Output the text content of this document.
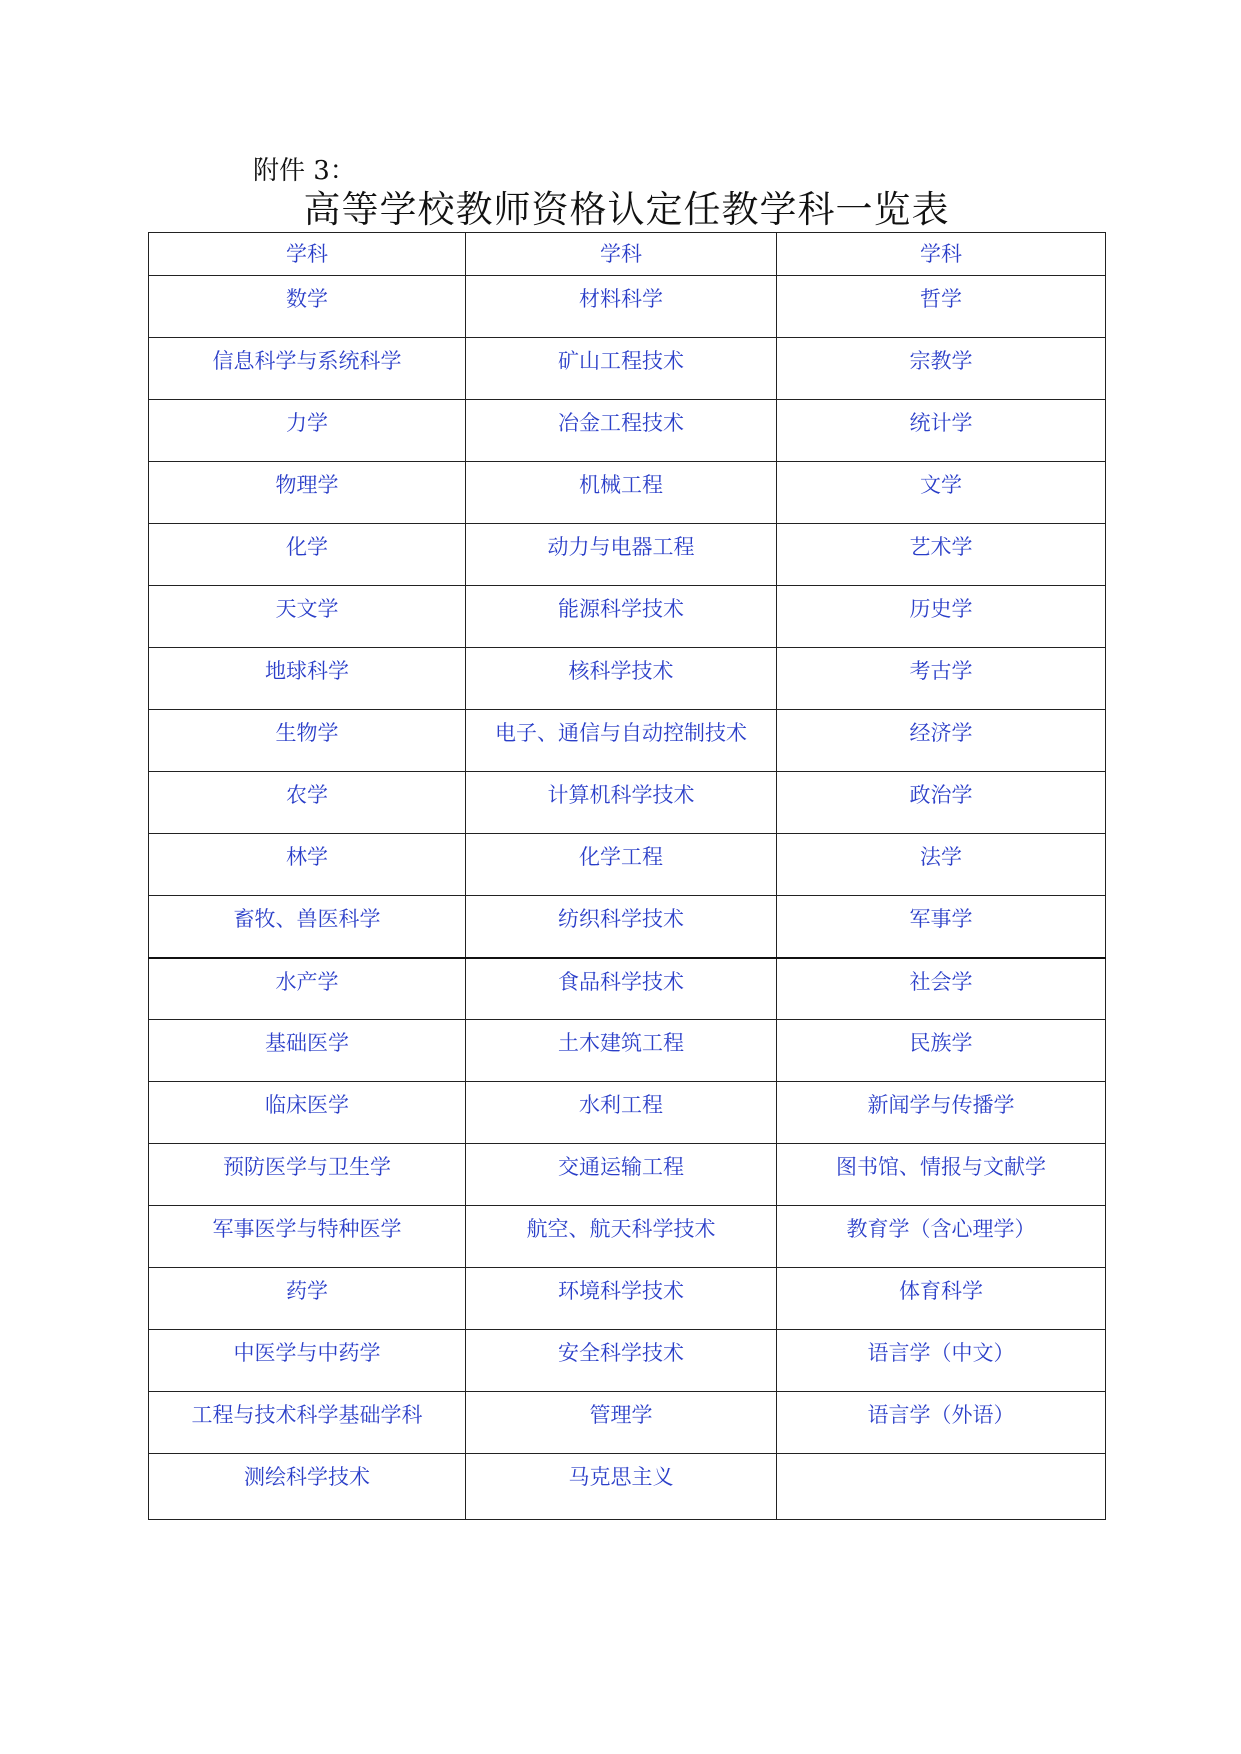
附件 3：
高等学校教师资格认定任教学科一览表
学科	学科	学科
数学	材料科学	哲学
信息科学与系统科学	矿山工程技术	宗教学
力学	冶金工程技术	统计学
物理学	机械工程	文学
化学	动力与电器工程	艺术学
天文学	能源科学技术	历史学
地球科学	核科学技术	考古学
生物学	电子、通信与自动控制技术	经济学
农学	计算机科学技术	政治学
林学	化学工程	法学
畜牧、兽医科学	纺织科学技术	军事学
水产学	食品科学技术	社会学
基础医学	土木建筑工程	民族学
临床医学	水利工程	新闻学与传播学
预防医学与卫生学	交通运输工程	图书馆、情报与文献学
军事医学与特种医学	航空、航天科学技术	教育学（含心理学）
药学	环境科学技术	体育科学
中医学与中药学	安全科学技术	语言学（中文）
工程与技术科学基础学科	管理学	语言学（外语）
测绘科学技术	马克思主义	
